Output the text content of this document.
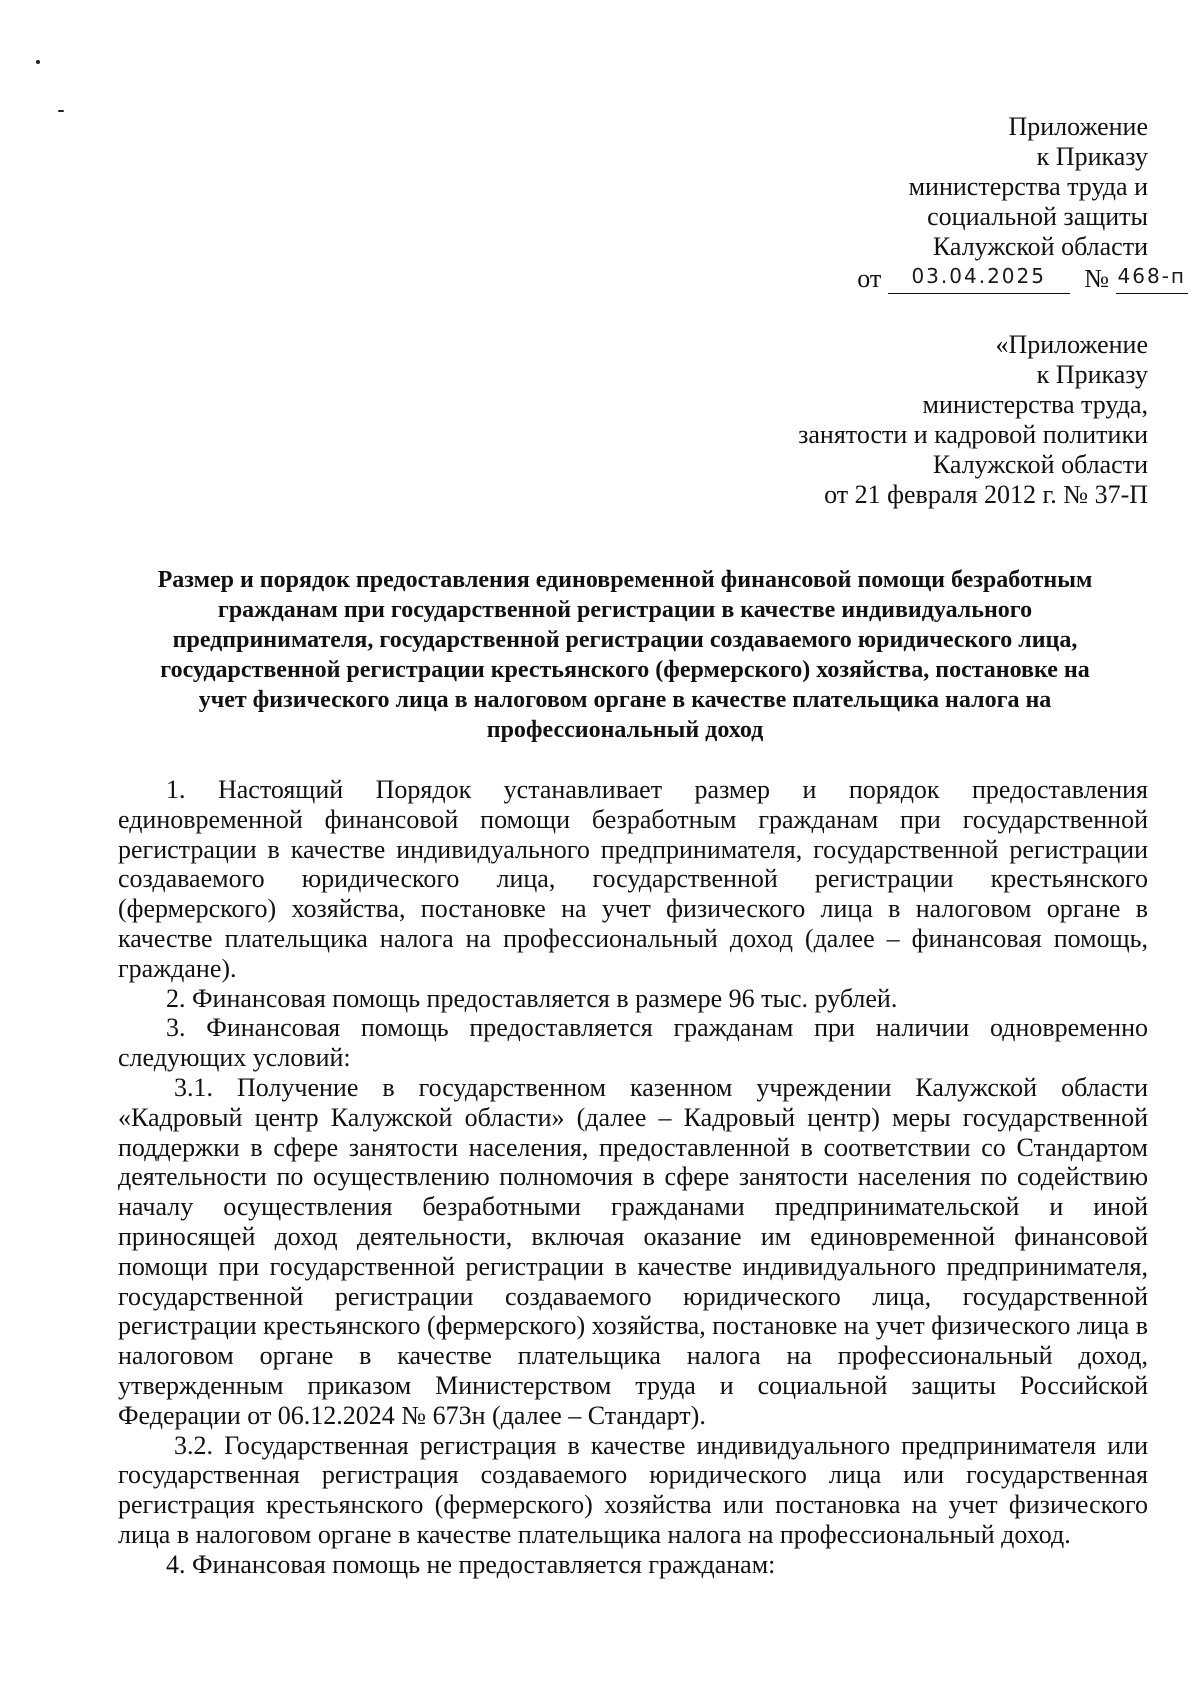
Приложение
к Приказу
министерства труда и
социальной защиты
Калужской области
от 03.04.2025 № 468-п
«Приложение
к Приказу
министерства труда,
занятости и кадровой политики
Калужской области
от 21 февраля 2012 г. № 37-П
Размер и порядок предоставления единовременной финансовой помощи безработным
гражданам при государственной регистрации в качестве индивидуального
предпринимателя, государственной регистрации создаваемого юридического лица,
государственной регистрации крестьянского (фермерского) хозяйства, постановке на
учет физического лица в налоговом органе в качестве плательщика налога на
профессиональный доход

1. Настоящий Порядок устанавливает размер и порядок предоставления единовременной финансовой помощи безработным гражданам при государственной регистрации в качестве индивидуального предпринимателя, государственной регистрации создаваемого юридического лица, государственной регистрации крестьянского (фермерского) хозяйства, постановке на учет физического лица в налоговом органе в качестве плательщика налога на профессиональный доход (далее – финансовая помощь, граждане).

2. Финансовая помощь предоставляется в размере 96 тыс. рублей.

3. Финансовая помощь предоставляется гражданам при наличии одновременно следующих условий:

3.1. Получение в государственном казенном учреждении Калужской области «Кадровый центр Калужской области» (далее – Кадровый центр) меры государственной поддержки в сфере занятости населения, предоставленной в соответствии со Стандартом деятельности по осуществлению полномочия в сфере занятости населения по содействию началу осуществления безработными гражданами предпринимательской и иной приносящей доход деятельности, включая оказание им единовременной финансовой помощи при государственной регистрации в качестве индивидуального предпринимателя, государственной регистрации создаваемого юридического лица, государственной регистрации крестьянского (фермерского) хозяйства, постановке на учет физического лица в налоговом органе в качестве плательщика налога на профессиональный доход, утвержденным приказом Министерством труда и социальной защиты Российской Федерации от 06.12.2024 № 673н (далее – Стандарт).

3.2. Государственная регистрация в качестве индивидуального предпринимателя или государственная регистрация создаваемого юридического лица или государственная регистрация крестьянского (фермерского) хозяйства или постановка на учет физического лица в налоговом органе в качестве плательщика налога на профессиональный доход.

4. Финансовая помощь не предоставляется гражданам:
